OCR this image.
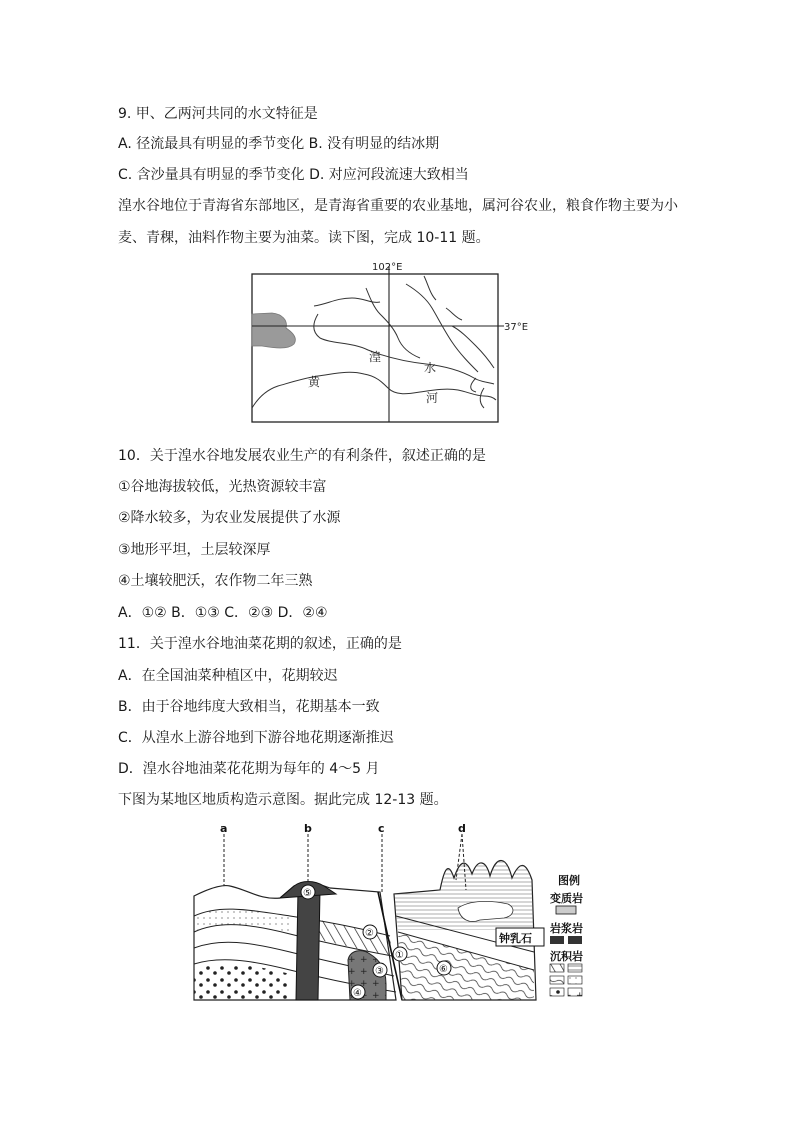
9. 甲、乙两河共同的水文特征是
A. 径流最具有明显的季节变化 B. 没有明显的结冰期
C. 含沙量具有明显的季节变化 D. 对应河段流速大致相当
湟水谷地位于青海省东部地区，是青海省重要的农业基地，属河谷农业，粮食作物主要为小
麦、青稞，油料作物主要为油菜。读下图，完成 10-11 题。
102°E
37°E
湟
水
黄
河
10．关于湟水谷地发展农业生产的有利条件，叙述正确的是
①谷地海拔较低，光热资源较丰富
②降水较多，为农业发展提供了水源
③地形平坦，土层较深厚
④土壤较肥沃，农作物二年三熟
A．①② B．①③ C．②③ D．②④
11．关于湟水谷地油菜花期的叙述，正确的是
A．在全国油菜种植区中，花期较迟
B．由于谷地纬度大致相当，花期基本一致
C．从湟水上游谷地到下游谷地花期逐渐推迟
D．湟水谷地油菜花花期为每年的 4～5 月
下图为某地区地质构造示意图。据此完成 12-13 题。
⑤
a	b	c	d
②
①
③
④
⑥
钟乳石
图例
变质岩
岩浆岩
沉积岩
